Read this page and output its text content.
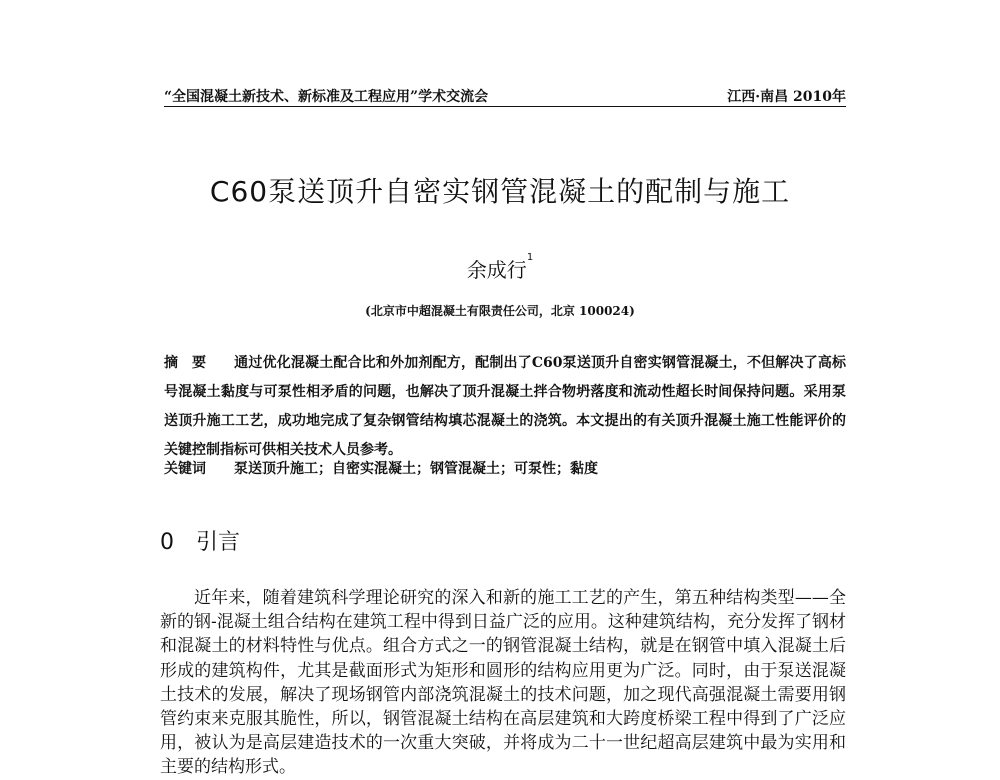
“全国混凝土新技术、新标准及工程应用”学术交流会	江西·南昌 2010年
C60泵送顶升自密实钢管混凝土的配制与施工
余成行$^1$
(北京市中超混凝土有限责任公司，北京 100024)
摘　要 通过优化混凝土配合比和外加剂配方，配制出了C60泵送顶升自密实钢管混凝土，不但解决了高标号混凝土黏度与可泵性相矛盾的问题，也解决了顶升混凝土拌合物坍落度和流动性超长时间保持问题。采用泵送顶升施工工艺，成功地完成了复杂钢管结构填芯混凝土的浇筑。本文提出的有关顶升混凝土施工性能评价的关键控制指标可供相关技术人员参考。
关键词 泵送顶升施工；自密实混凝土；钢管混凝土；可泵性；黏度
0 引言
近年来，随着建筑科学理论研究的深入和新的施工工艺的产生，第五种结构类型——全新的钢-混凝土组合结构在建筑工程中得到日益广泛的应用。这种建筑结构，充分发挥了钢材和混凝土的材料特性与优点。组合方式之一的钢管混凝土结构，就是在钢管中填入混凝土后形成的建筑构件，尤其是截面形式为矩形和圆形的结构应用更为广泛。同时，由于泵送混凝土技术的发展，解决了现场钢管内部浇筑混凝土的技术问题，加之现代高强混凝土需要用钢管约束来克服其脆性，所以，钢管混凝土结构在高层建筑和大跨度桥梁工程中得到了广泛应用，被认为是高层建造技术的一次重大突破，并将成为二十一世纪超高层建筑中最为实用和主要的结构形式。
